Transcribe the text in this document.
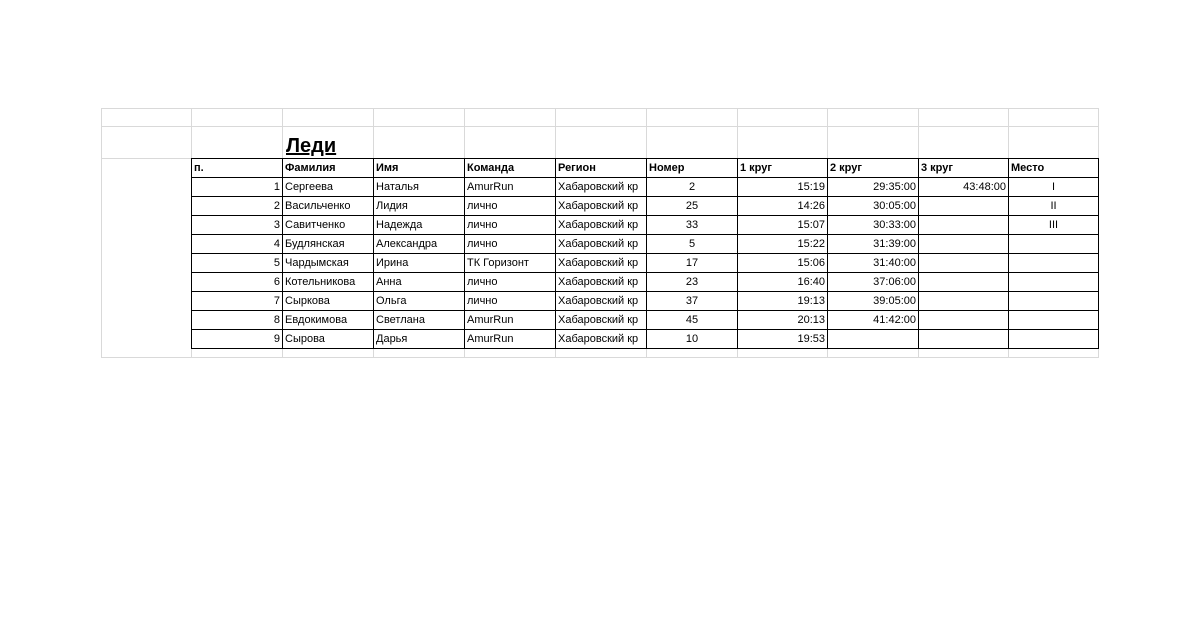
Леди
п.	Фамилия	Имя	Команда	Регион	Номер	1 круг	2 круг	3 круг	Место
1	Сергеева	Наталья	AmurRun	Хабаровский кр	2	15:19	29:35:00	43:48:00	I
2	Васильченко	Лидия	лично	Хабаровский кр	25	14:26	30:05:00		II
3	Савитченко	Надежда	лично	Хабаровский кр	33	15:07	30:33:00		III
4	Будлянская	Александра	лично	Хабаровский кр	5	15:22	31:39:00		
5	Чардымская	Ирина	ТК Горизонт	Хабаровский кр	17	15:06	31:40:00		
6	Котельникова	Анна	лично	Хабаровский кр	23	16:40	37:06:00		
7	Сыркова	Ольга	лично	Хабаровский кр	37	19:13	39:05:00		
8	Евдокимова	Светлана	AmurRun	Хабаровский кр	45	20:13	41:42:00		
9	Сырова	Дарья	AmurRun	Хабаровский кр	10	19:53			
